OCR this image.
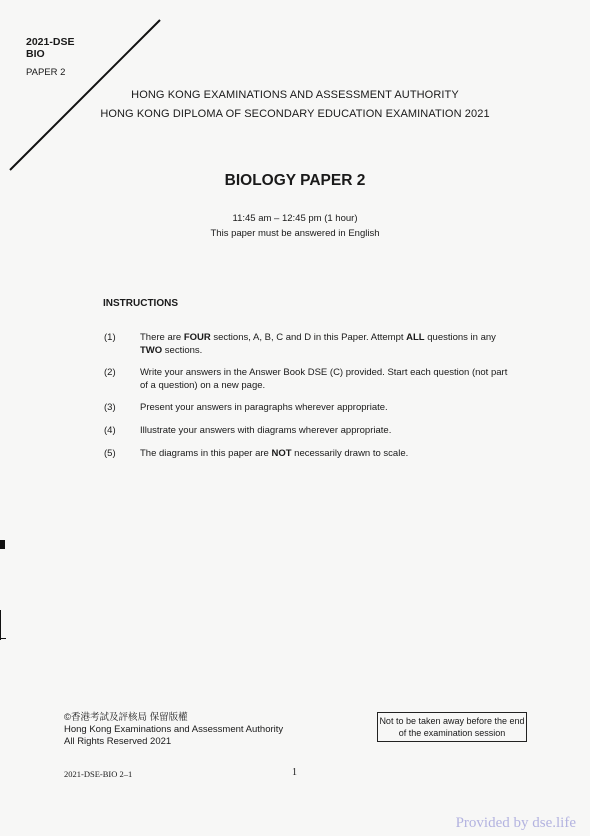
2021-DSE
BIO
PAPER 2
HONG KONG EXAMINATIONS AND ASSESSMENT AUTHORITY
HONG KONG DIPLOMA OF SECONDARY EDUCATION EXAMINATION 2021
BIOLOGY PAPER 2
11:45 am – 12:45 pm (1 hour)
This paper must be answered in English
INSTRUCTIONS
(1)	There are FOUR sections, A, B, C and D in this Paper. Attempt ALL questions in any TWO sections.
(2)	Write your answers in the Answer Book DSE (C) provided. Start each question (not part of a question) on a new page.
(3)	Present your answers in paragraphs wherever appropriate.
(4)	Illustrate your answers with diagrams wherever appropriate.
(5)	The diagrams in this paper are NOT necessarily drawn to scale.
©香港考試及評核局 保留版權
Hong Kong Examinations and Assessment Authority
All Rights Reserved 2021
Not to be taken away before the end of the examination session
2021-DSE-BIO 2–1	1
Provided by dse.life
